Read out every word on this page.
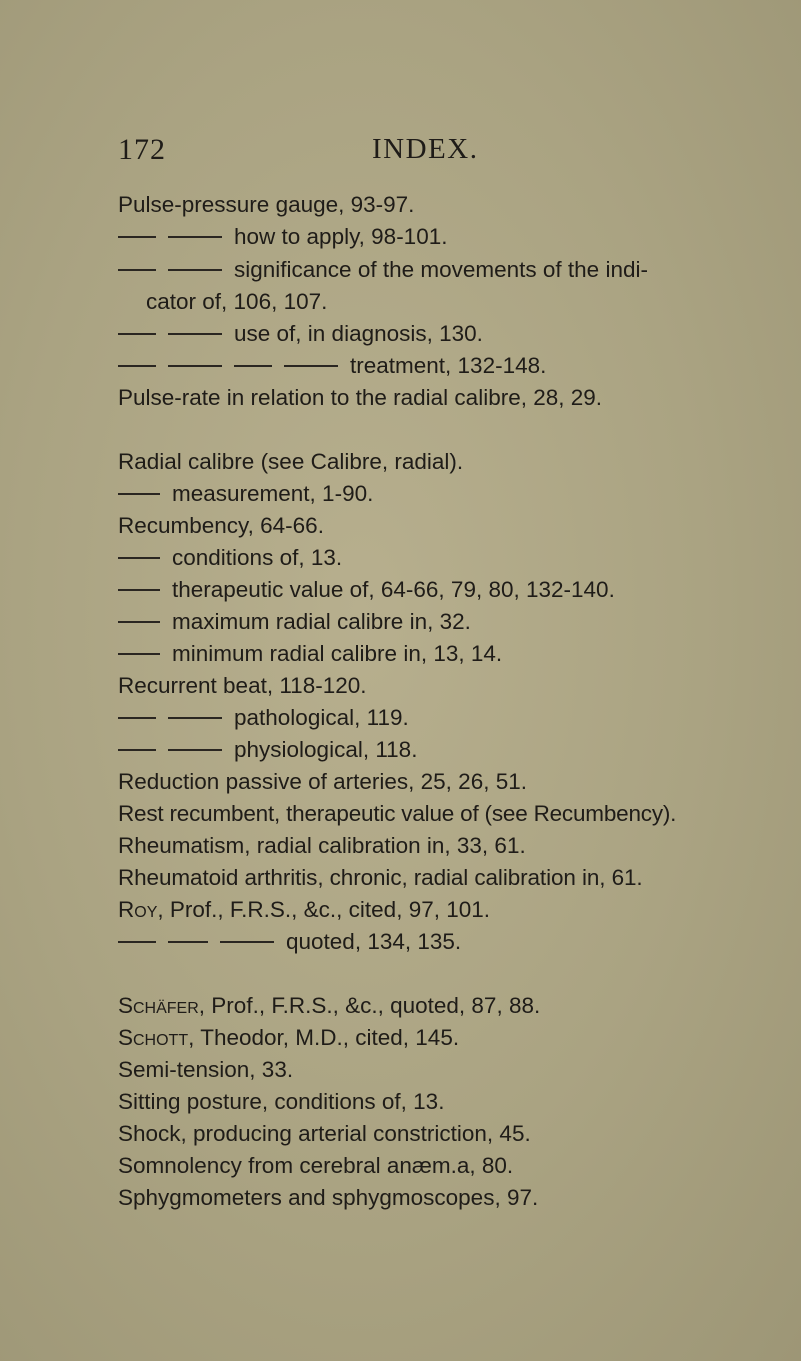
172	INDEX.
Pulse-pressure gauge, 93-97.
how to apply, 98-101.
significance of the movements of the indi-
cator of, 106, 107.
use of, in diagnosis, 130.
treatment, 132-148.
Pulse-rate in relation to the radial calibre, 28, 29.
Radial calibre (see Calibre, radial).
measurement, 1-90.
Recumbency, 64-66.
conditions of, 13.
therapeutic value of, 64-66, 79, 80, 132-140.
maximum radial calibre in, 32.
minimum radial calibre in, 13, 14.
Recurrent beat, 118-120.
pathological, 119.
physiological, 118.
Reduction passive of arteries, 25, 26, 51.
Rest recumbent, therapeutic value of (see Recumbency).
Rheumatism, radial calibration in, 33, 61.
Rheumatoid arthritis, chronic, radial calibration in, 61.
Roy, Prof., F.R.S., &c., cited, 97, 101.
quoted, 134, 135.
Schäfer, Prof., F.R.S., &c., quoted, 87, 88.
Schott, Theodor, M.D., cited, 145.
Semi-tension, 33.
Sitting posture, conditions of, 13.
Shock, producing arterial constriction, 45.
Somnolency from cerebral anæm.a, 80.
Sphygmometers and sphygmoscopes, 97.
